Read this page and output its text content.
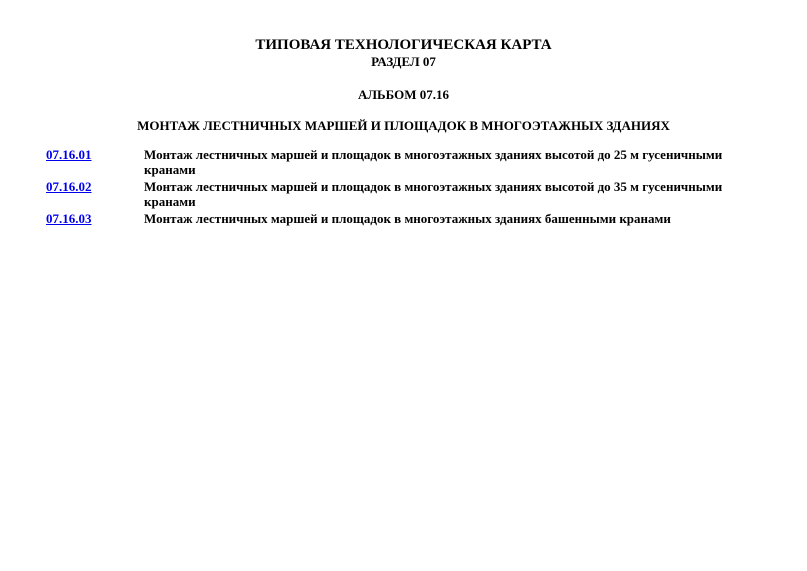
ТИПОВАЯ ТЕХНОЛОГИЧЕСКАЯ КАРТА
РАЗДЕЛ 07
АЛЬБОМ 07.16
МОНТАЖ ЛЕСТНИЧНЫХ МАРШЕЙ И ПЛОЩАДОК В МНОГОЭТАЖНЫХ ЗДАНИЯХ
07.16.01	Монтаж лестничных маршей и площадок в многоэтажных зданиях высотой до 25 м гусеничными кранами
07.16.02	Монтаж лестничных маршей и площадок в многоэтажных зданиях высотой до 35 м гусеничными кранами
07.16.03	Монтаж лестничных маршей и площадок в многоэтажных зданиях башенными кранами
